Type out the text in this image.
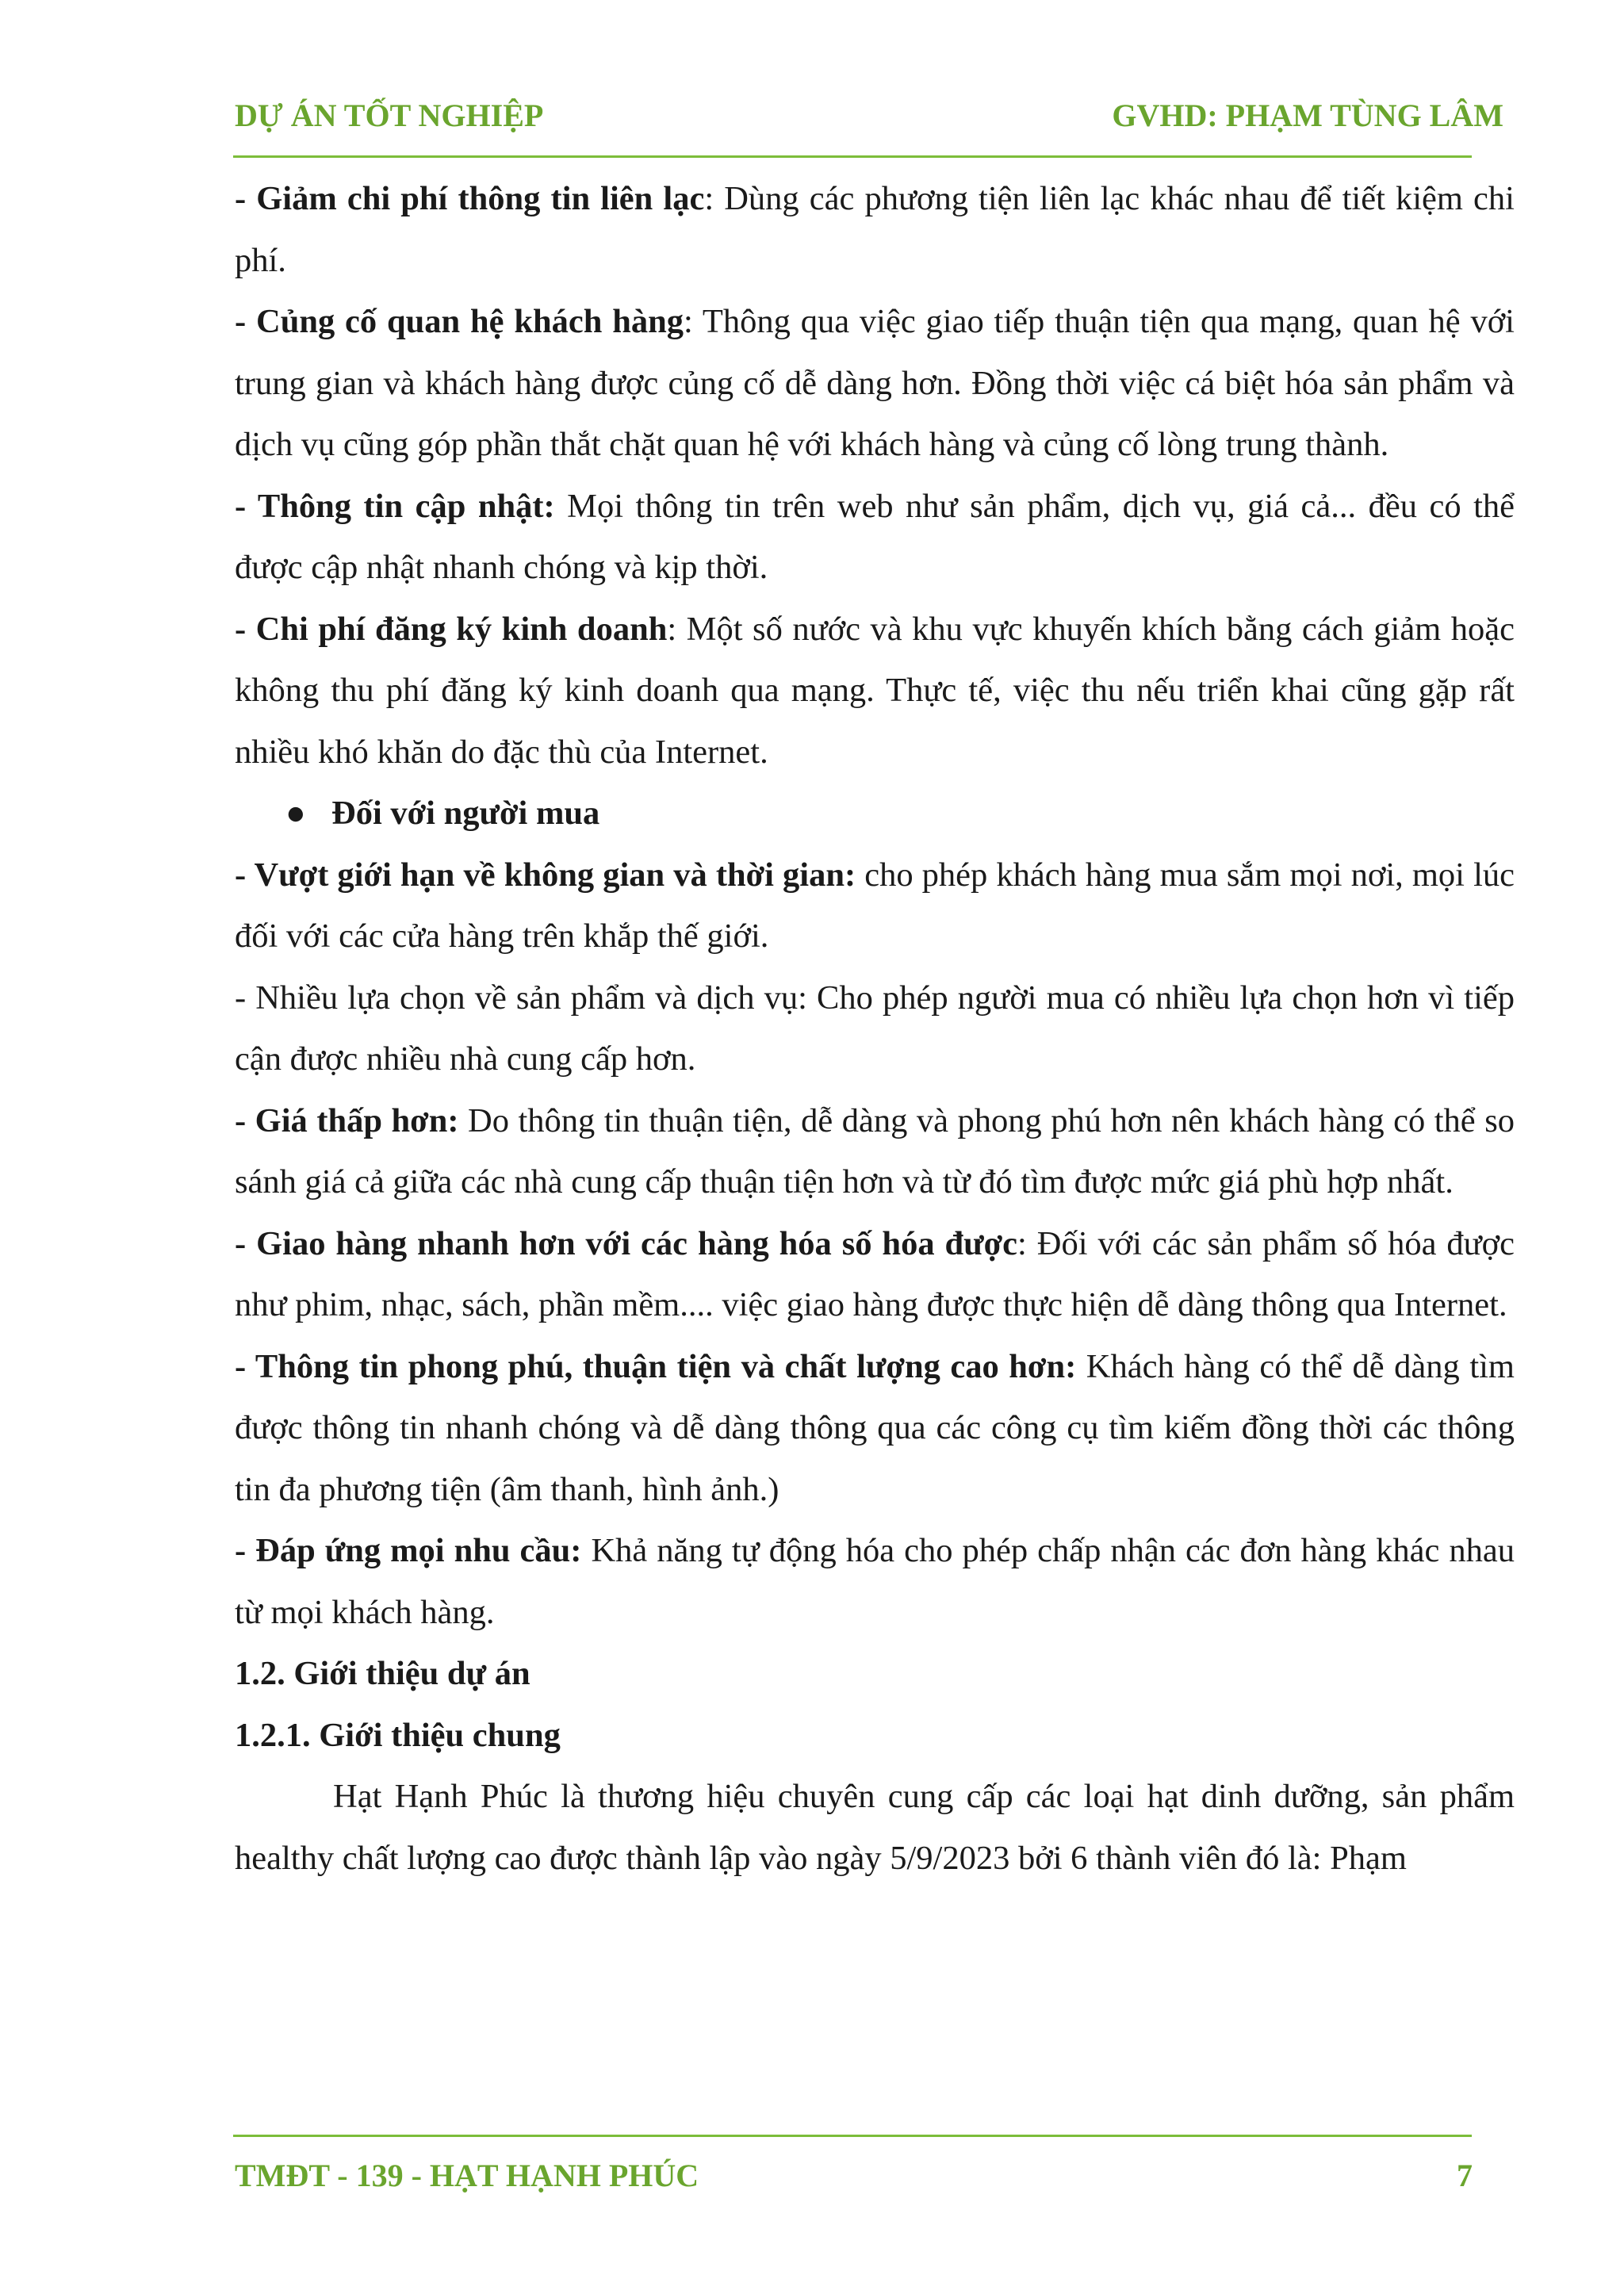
DỰ ÁN TỐT NGHIỆP	GVHD: PHẠM TÙNG LÂM

- Giảm chi phí thông tin liên lạc: Dùng các phương tiện liên lạc khác nhau để tiết kiệm chi phí.

- Củng cố quan hệ khách hàng: Thông qua việc giao tiếp thuận tiện qua mạng, quan hệ với trung gian và khách hàng được củng cố dễ dàng hơn. Đồng thời việc cá biệt hóa sản phẩm và dịch vụ cũng góp phần thắt chặt quan hệ với khách hàng và củng cố lòng trung thành.

- Thông tin cập nhật: Mọi thông tin trên web như sản phẩm, dịch vụ, giá cả... đều có thể được cập nhật nhanh chóng và kịp thời.

- Chi phí đăng ký kinh doanh: Một số nước và khu vực khuyến khích bằng cách giảm hoặc không thu phí đăng ký kinh doanh qua mạng. Thực tế, việc thu nếu triển khai cũng gặp rất nhiều khó khăn do đặc thù của Internet.

● Đối với người mua

- Vượt giới hạn về không gian và thời gian: cho phép khách hàng mua sắm mọi nơi, mọi lúc đối với các cửa hàng trên khắp thế giới.

- Nhiều lựa chọn về sản phẩm và dịch vụ: Cho phép người mua có nhiều lựa chọn hơn vì tiếp cận được nhiều nhà cung cấp hơn.

- Giá thấp hơn: Do thông tin thuận tiện, dễ dàng và phong phú hơn nên khách hàng có thể so sánh giá cả giữa các nhà cung cấp thuận tiện hơn và từ đó tìm được mức giá phù hợp nhất.

- Giao hàng nhanh hơn với các hàng hóa số hóa được: Đối với các sản phẩm số hóa được như phim, nhạc, sách, phần mềm.... việc giao hàng được thực hiện dễ dàng thông qua Internet.

- Thông tin phong phú, thuận tiện và chất lượng cao hơn: Khách hàng có thể dễ dàng tìm được thông tin nhanh chóng và dễ dàng thông qua các công cụ tìm kiếm đồng thời các thông tin đa phương tiện (âm thanh, hình ảnh.)

- Đáp ứng mọi nhu cầu: Khả năng tự động hóa cho phép chấp nhận các đơn hàng khác nhau từ mọi khách hàng.

1.2. Giới thiệu dự án

1.2.1. Giới thiệu chung

Hạt Hạnh Phúc là thương hiệu chuyên cung cấp các loại hạt dinh dưỡng, sản phẩm healthy chất lượng cao được thành lập vào ngày 5/9/2023 bởi 6 thành viên đó là: Phạm

TMĐT - 139 - HẠT HẠNH PHÚC	7
